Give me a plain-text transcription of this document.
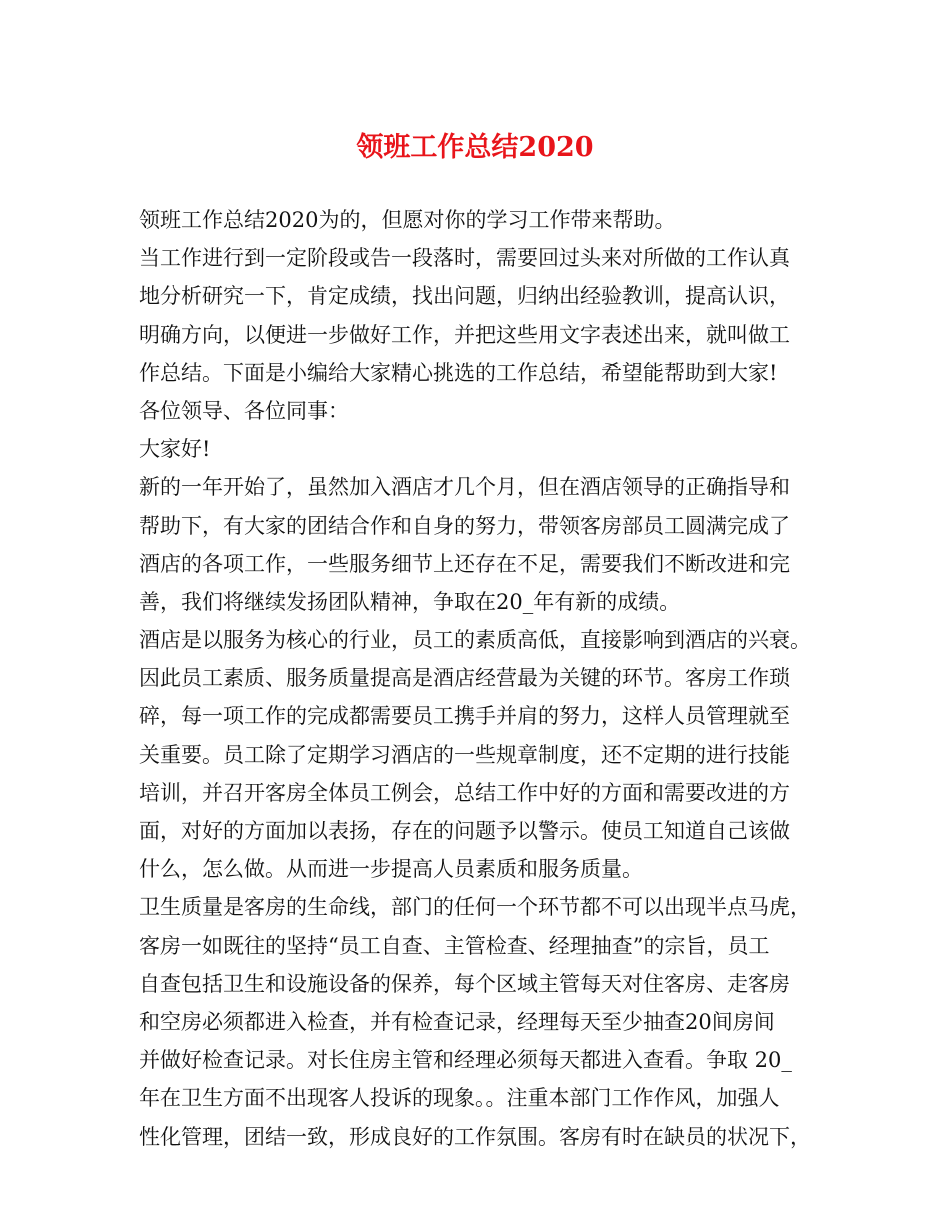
领班工作总结2020
领班工作总结2020为的，但愿对你的学习工作带来帮助。
当工作进行到一定阶段或告一段落时，需要回过头来对所做的工作认真
地分析研究一下，肯定成绩，找出问题，归纳出经验教训，提高认识，
明确方向，以便进一步做好工作，并把这些用文字表述出来，就叫做工
作总结。下面是小编给大家精心挑选的工作总结，希望能帮助到大家!
各位领导、各位同事：
大家好!
新的一年开始了，虽然加入酒店才几个月，但在酒店领导的正确指导和
帮助下，有大家的团结合作和自身的努力，带领客房部员工圆满完成了
酒店的各项工作，一些服务细节上还存在不足，需要我们不断改进和完
善，我们将继续发扬团队精神，争取在20_年有新的成绩。
酒店是以服务为核心的行业，员工的素质高低，直接影响到酒店的兴衰。
因此员工素质、服务质量提高是酒店经营最为关键的环节。客房工作琐
碎，每一项工作的完成都需要员工携手并肩的努力，这样人员管理就至
关重要。员工除了定期学习酒店的一些规章制度，还不定期的进行技能
培训，并召开客房全体员工例会，总结工作中好的方面和需要改进的方
面，对好的方面加以表扬，存在的问题予以警示。使员工知道自己该做
什么，怎么做。从而进一步提高人员素质和服务质量。
卫生质量是客房的生命线，部门的任何一个环节都不可以出现半点马虎，
客房一如既往的坚持“员工自查、主管检查、经理抽查”的宗旨，员工
自查包括卫生和设施设备的保养，每个区域主管每天对住客房、走客房
和空房必须都进入检查，并有检查记录，经理每天至少抽查20间房间
并做好检查记录。对长住房主管和经理必须每天都进入查看。争取 20_
年在卫生方面不出现客人投诉的现象。。注重本部门工作作风，加强人
性化管理，团结一致，形成良好的工作氛围。客房有时在缺员的状况下，
